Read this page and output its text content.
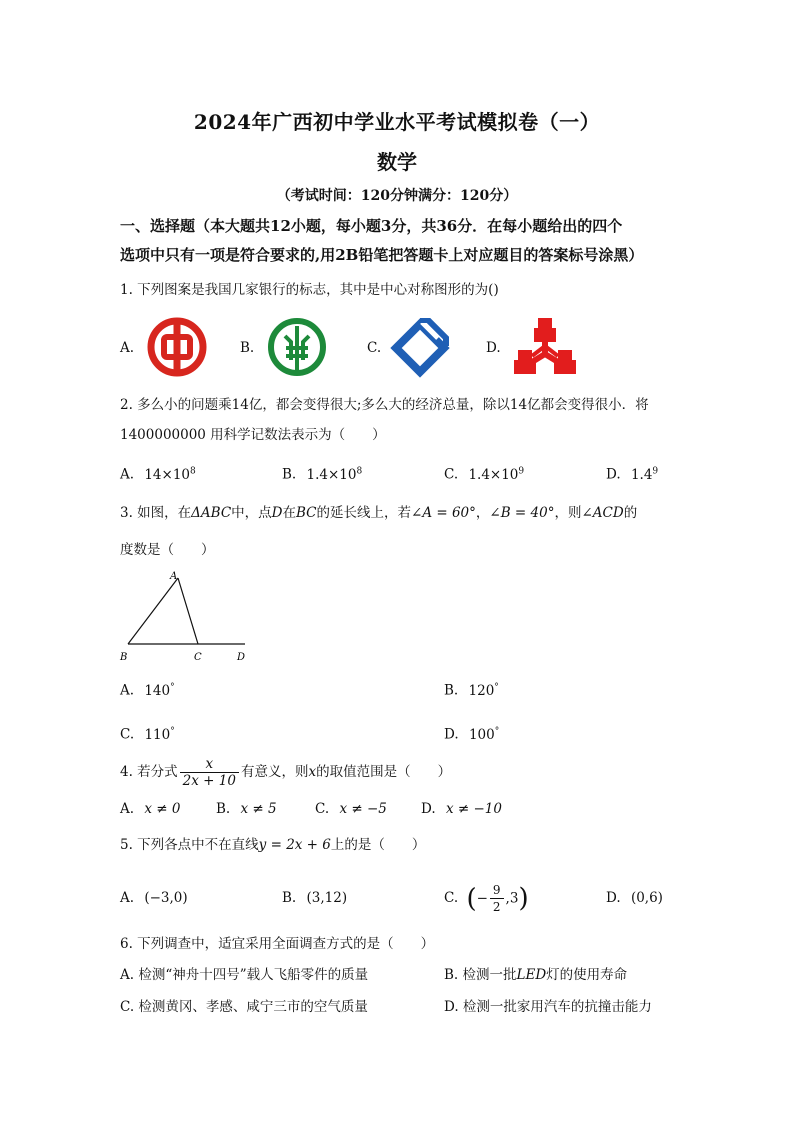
2024年广西初中学业水平考试模拟卷（一）
数学
（考试时间：120分钟满分：120分）
一、选择题（本大题共12小题，每小题3分，共36分．在每小题给出的四个
选项中只有一项是符合要求的,用2B铅笔把答题卡上对应题目的答案标号涂黑）
1. 下列图案是我国几家银行的标志，其中是中心对称图形的为()
A.	B.	C.	D.
2. 多么小的问题乘14亿，都会变得很大;多么大的经济总量，除以14亿都会变得很小．将
1400000000 用科学记数法表示为（　　）
A. $14\times 10^8$	B. $1.4\times 10^8$	C. $1.4\times 10^9$	D. $1.4^9$
3. 如图，在ΔABC中，点D在BC的延长线上，若∠A = 60°，∠B = 40°，则∠ACD的
度数是（　　）
A
B	C	D
A. 140°	B. 120°
C. 110°	D. 100°
4. 若分式 $\frac{x}{2x + 10}$ 有意义，则x的取值范围是（　　）
A. x ≠ 0	B. x ≠ 5	C. x ≠ −5	D. x ≠ −10
5. 下列各点中不在直线y = 2x + 6上的是（　　）
A. (−3,0)	B. (3,12)	C. (− $\frac{9}{2} ,3$)	D. (0,6)
6. 下列调查中，适宜采用全面调查方式的是（　　）
A. 检测“神舟十四号”载人飞船零件的质量	B. 检测一批LED灯的使用寿命
C. 检测黄冈、孝感、咸宁三市的空气质量	D. 检测一批家用汽车的抗撞击能力
